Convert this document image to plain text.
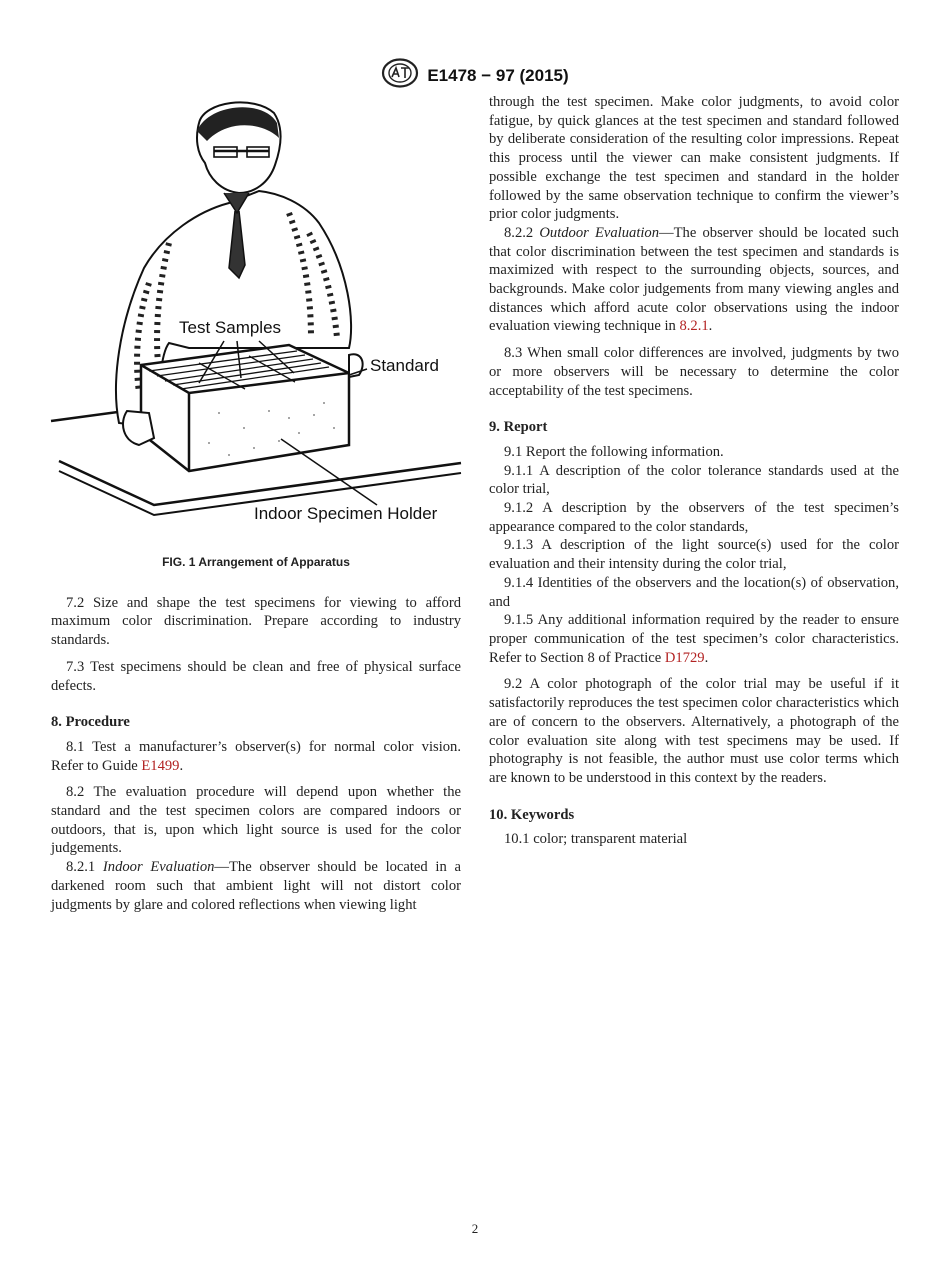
E1478 − 97 (2015)
Test Samples
Standard
Indoor Specimen Holder
FIG. 1 Arrangement of Apparatus

7.2 Size and shape the test specimens for viewing to afford maximum color discrimination. Prepare according to industry standards.

7.3 Test specimens should be clean and free of physical surface defects.

8. Procedure

8.1 Test a manufacturer’s observer(s) for normal color vision. Refer to Guide E1499.

8.2 The evaluation procedure will depend upon whether the standard and the test specimen colors are compared indoors or outdoors, that is, upon which light source is used for the color judgements.

8.2.1 Indoor Evaluation—The observer should be located in a darkened room such that ambient light will not distort color judgments by glare and colored reflections when viewing light

through the test specimen. Make color judgments, to avoid color fatigue, by quick glances at the test specimen and standard followed by deliberate consideration of the resulting color impressions. Repeat this process until the viewer can make consistent judgments. If possible exchange the test specimen and standard in the holder followed by the same observation technique to confirm the viewer’s prior color judgments.

8.2.2 Outdoor Evaluation—The observer should be located such that color discrimination between the test specimen and standards is maximized with respect to the surrounding objects, sources, and backgrounds. Make color judgements from many viewing angles and distances which afford acute color observations using the indoor evaluation viewing technique in 8.2.1.

8.3 When small color differences are involved, judgments by two or more observers will be necessary to determine the color acceptability of the test specimens.

9. Report

9.1 Report the following information.

9.1.1 A description of the color tolerance standards used at the color trial,

9.1.2 A description by the observers of the test specimen’s appearance compared to the color standards,

9.1.3 A description of the light source(s) used for the color evaluation and their intensity during the color trial,

9.1.4 Identities of the observers and the location(s) of observation, and

9.1.5 Any additional information required by the reader to ensure proper communication of the test specimen’s color characteristics. Refer to Section 8 of Practice D1729.

9.2 A color photograph of the color trial may be useful if it satisfactorily reproduces the test specimen color characteristics which are of concern to the observers. Alternatively, a photograph of the color evaluation site along with test specimens may be used. If photography is not feasible, the author must use color terms which are known to be understood in this context by the readers.

10. Keywords

10.1 color; transparent material

2
